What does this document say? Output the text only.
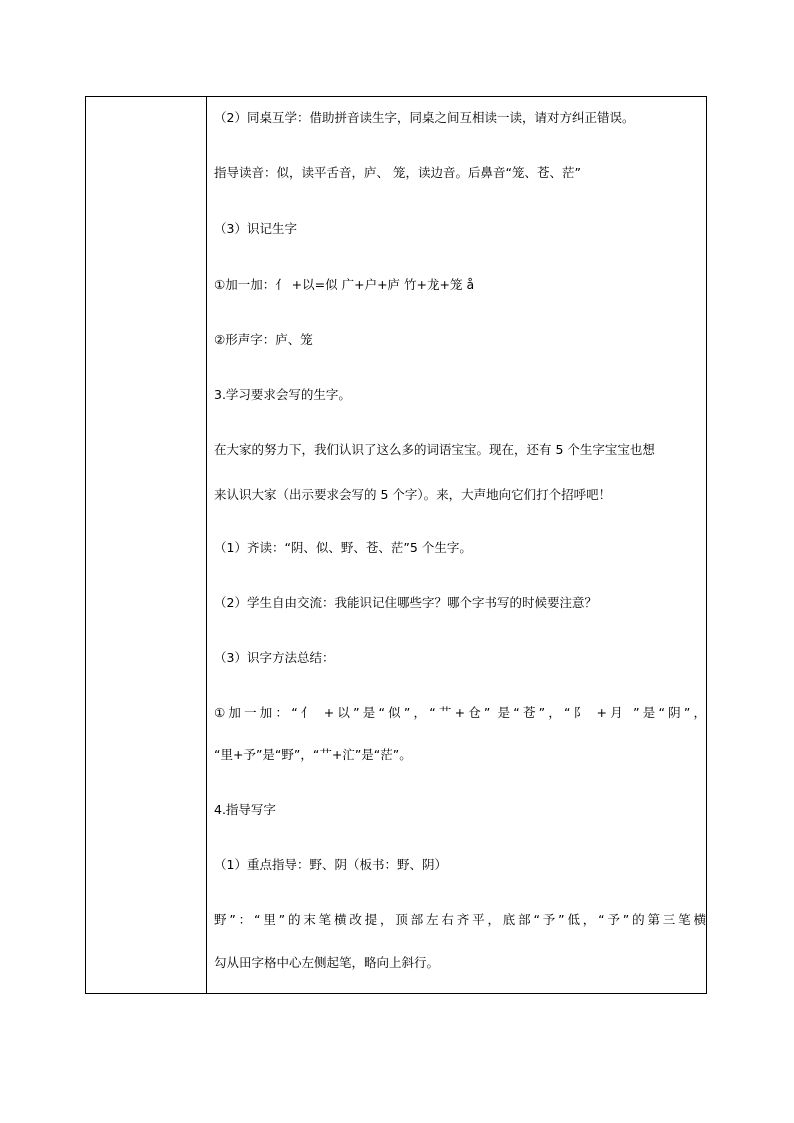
（2）同桌互学：借助拼音读生字，同桌之间互相读一读，请对方纠正错误。
指导读音：似，读平舌音，庐、 笼，读边音。后鼻音“笼、苍、茫”
（3）识记生字
①加一加：亻 +以=似 广+户+庐 竹+龙+笼 å
②形声字：庐、笼
3.学习要求会写的生字。
在大家的努力下，我们认识了这么多的词语宝宝。现在，还有 5 个生字宝宝也想
来认识大家（出示要求会写的 5 个字）。来，大声地向它们打个招呼吧！
（1）齐读：“阴、似、野、苍、茫”5 个生字。
（2）学生自由交流：我能识记住哪些字？哪个字书写的时候要注意？
（3）识字方法总结：
①加一加：“亻 +以”是“似”，“艹+仓” 是“苍”，“阝 +月 ”是“阴”，
“里+予”是“野”，“艹+汒”是“茫”。
4.指导写字
（1）重点指导：野、阴（板书：野、阴）
野”：“里”的末笔横改提，顶部左右齐平，底部“予”低，“予”的第三笔横
勾从田字格中心左侧起笔，略向上斜行。
